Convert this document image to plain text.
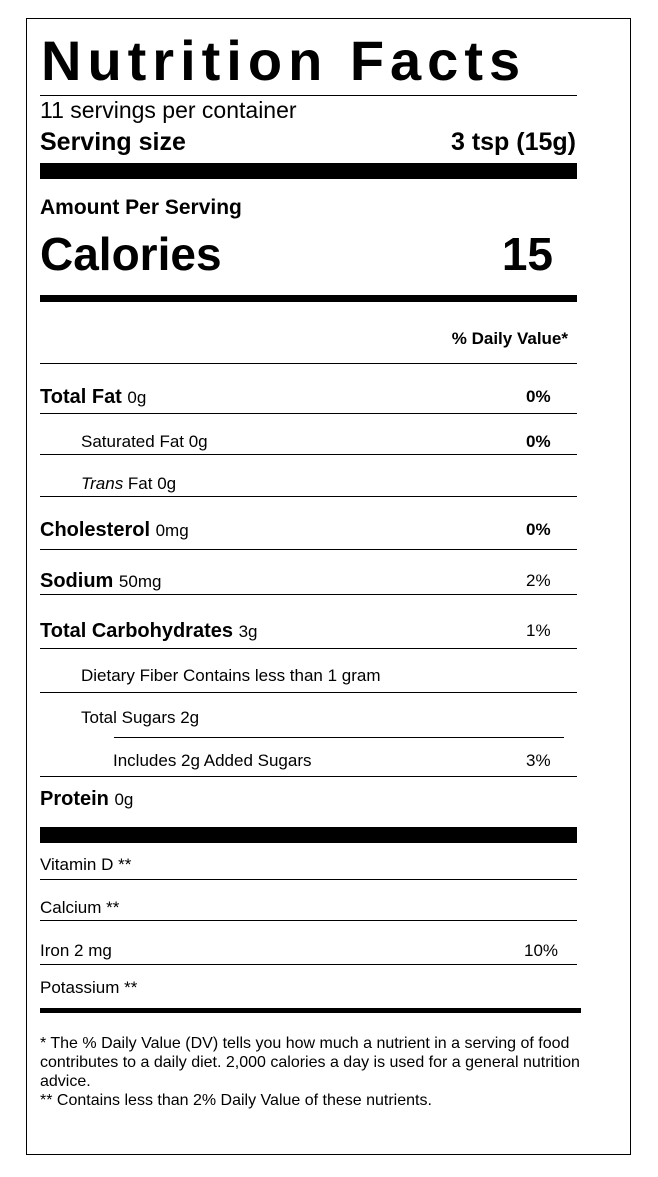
Nutrition Facts
11 servings per container
Serving size	3 tsp (15g)
Amount Per Serving
Calories	15
% Daily Value*
Total Fat 0g	0%
Saturated Fat 0g	0%
Trans Fat 0g
Cholesterol 0mg	0%
Sodium 50mg	2%
Total Carbohydrates 3g	1%
Dietary Fiber Contains less than 1 gram
Total Sugars 2g
Includes 2g Added Sugars	3%
Protein 0g
Vitamin D **
Calcium **
Iron 2 mg	10%
Potassium **

* The % Daily Value (DV) tells you how much a nutrient in a serving of food contributes to a daily diet. 2,000 calories a day is used for a general nutrition advice.

** Contains less than 2% Daily Value of these nutrients.
